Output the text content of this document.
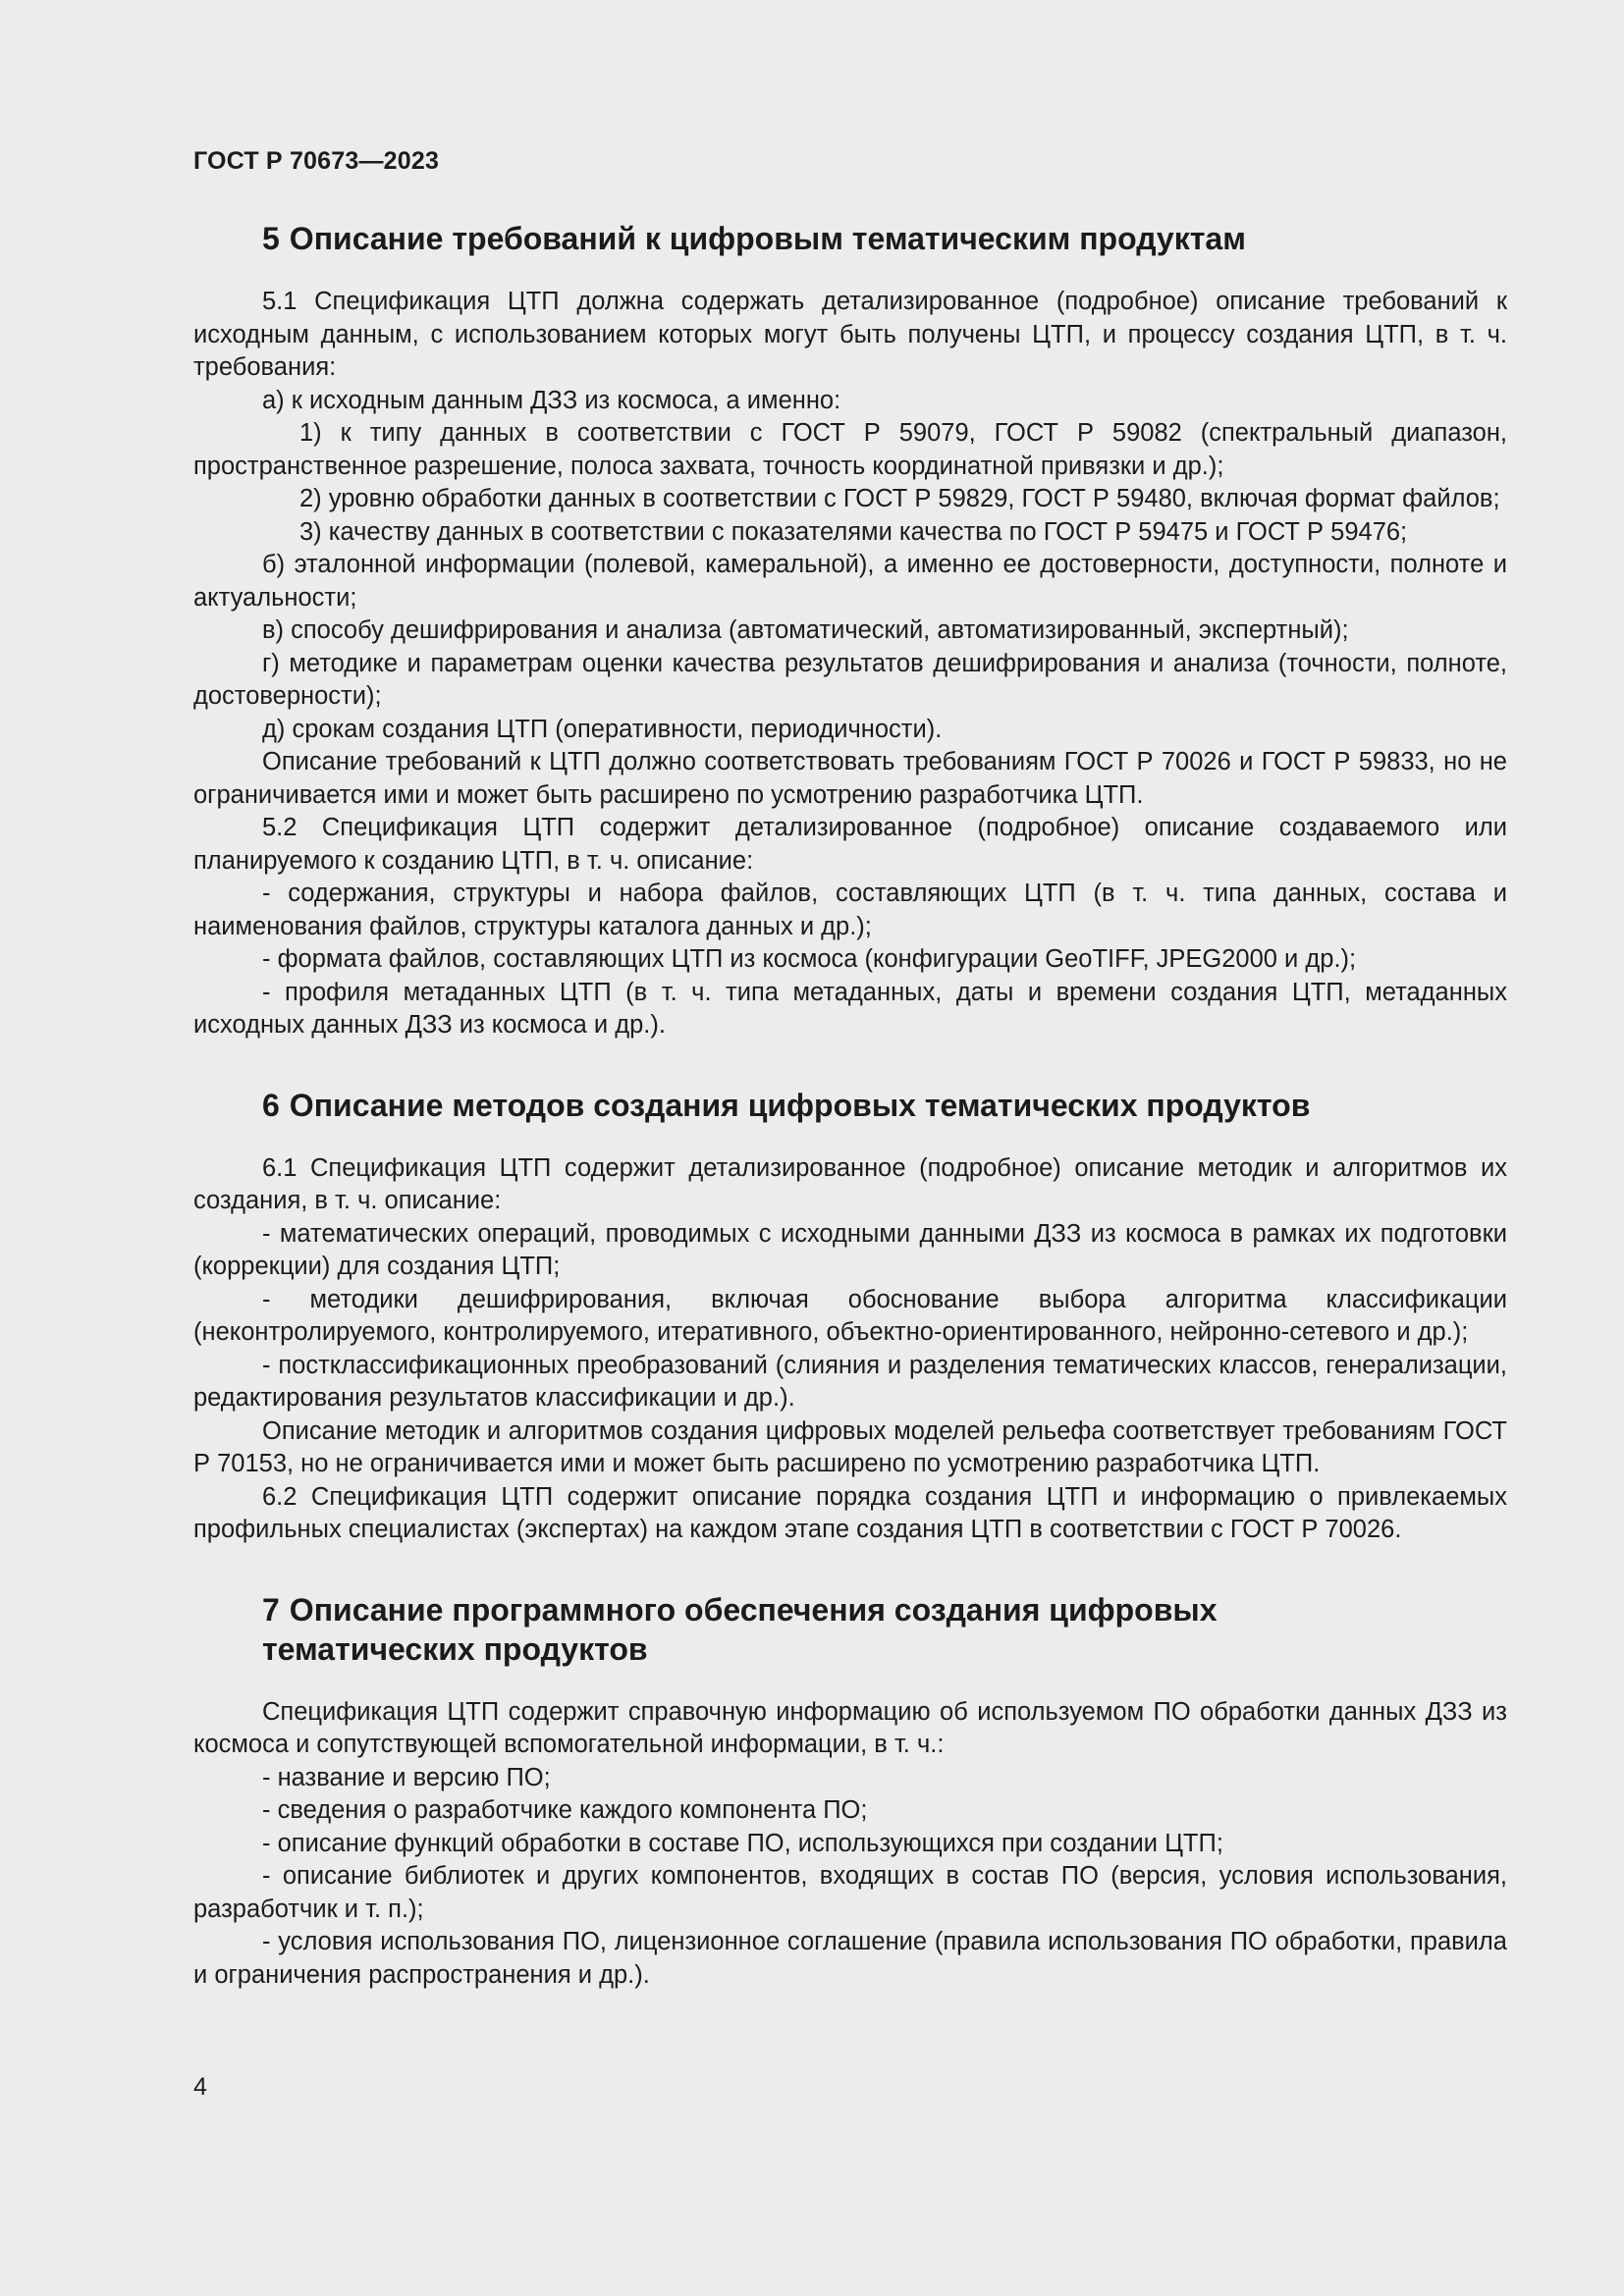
ГОСТ Р 70673—2023
5 Описание требований к цифровым тематическим продуктам

5.1 Спецификация ЦТП должна содержать детализированное (подробное) описание требований к исходным данным, с использованием которых могут быть получены ЦТП, и процессу создания ЦТП, в т. ч. требования:

а) к исходным данным ДЗЗ из космоса, а именно:

1) к типу данных в соответствии с ГОСТ Р 59079, ГОСТ Р 59082 (спектральный диапазон, пространственное разрешение, полоса захвата, точность координатной привязки и др.);

2) уровню обработки данных в соответствии с ГОСТ Р 59829, ГОСТ Р 59480, включая формат файлов;

3) качеству данных в соответствии с показателями качества по ГОСТ Р 59475 и ГОСТ Р 59476;

б) эталонной информации (полевой, камеральной), а именно ее достоверности, доступности, полноте и актуальности;

в) способу дешифрирования и анализа (автоматический, автоматизированный, экспертный);

г) методике и параметрам оценки качества результатов дешифрирования и анализа (точности, полноте, достоверности);

д) срокам создания ЦТП (оперативности, периодичности).

Описание требований к ЦТП должно соответствовать требованиям ГОСТ Р 70026 и ГОСТ Р 59833, но не ограничивается ими и может быть расширено по усмотрению разработчика ЦТП.

5.2 Спецификация ЦТП содержит детализированное (подробное) описание создаваемого или планируемого к созданию ЦТП, в т. ч. описание:

- содержания, структуры и набора файлов, составляющих ЦТП (в т. ч. типа данных, состава и наименования файлов, структуры каталога данных и др.);

- формата файлов, составляющих ЦТП из космоса (конфигурации GeoTIFF, JPEG2000 и др.);

- профиля метаданных ЦТП (в т. ч. типа метаданных, даты и времени создания ЦТП, метаданных исходных данных ДЗЗ из космоса и др.).

6 Описание методов создания цифровых тематических продуктов

6.1 Спецификация ЦТП содержит детализированное (подробное) описание методик и алгоритмов их создания, в т. ч. описание:

- математических операций, проводимых с исходными данными ДЗЗ из космоса в рамках их подготовки (коррекции) для создания ЦТП;

- методики дешифрирования, включая обоснование выбора алгоритма классификации (неконтролируемого, контролируемого, итеративного, объектно-ориентированного, нейронно-сетевого и др.);

- постклассификационных преобразований (слияния и разделения тематических классов, генерализации, редактирования результатов классификации и др.).

Описание методик и алгоритмов создания цифровых моделей рельефа соответствует требованиям ГОСТ Р 70153, но не ограничивается ими и может быть расширено по усмотрению разработчика ЦТП.

6.2 Спецификация ЦТП содержит описание порядка создания ЦТП и информацию о привлекаемых профильных специалистах (экспертах) на каждом этапе создания ЦТП в соответствии с ГОСТ Р 70026.

7 Описание программного обеспечения создания цифровых
тематических продуктов

Спецификация ЦТП содержит справочную информацию об используемом ПО обработки данных ДЗЗ из космоса и сопутствующей вспомогательной информации, в т. ч.:

- название и версию ПО;

- сведения о разработчике каждого компонента ПО;

- описание функций обработки в составе ПО, использующихся при создании ЦТП;

- описание библиотек и других компонентов, входящих в состав ПО (версия, условия использования, разработчик и т. п.);

- условия использования ПО, лицензионное соглашение (правила использования ПО обработки, правила и ограничения распространения и др.).

4
